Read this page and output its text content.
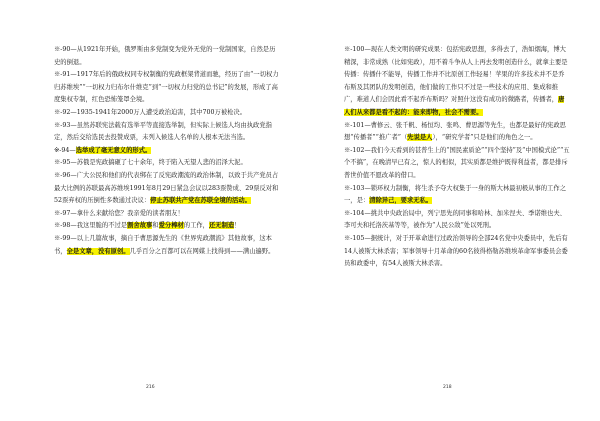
※-90—从1921年开始，俄罗斯由多党制变为党外无党的一党制国家，自然是历史的倒退。

※-91—1917年后的俄政权同专权制衡的宪政框架背道而驰，经历了由“一切权力归苏维埃”“一切权力归布尔什维克”到“一切权力归党的总书记”的发展，形成了高度集权专制，红色恐怖笼罩全境。

※-92—1935-1941年2000万人遭受政治迫害，其中700万被枪决。

※-93—虽然苏联宪法载有选举平等直接选举制，但实际上候选人均由执政党指定，然后交给选民去投赞成票，未列入候选人名单的人根本无法当选。

※-94—选举成了毫无意义的形式。

※-95—苏俄是宪政搞砸了七十余年，终于陷入无望人悲的沼泽大泥。

※-96—广大公民和他们的代表绑在了反宪政潮流的政治体制，以致于共产党员占最大比例的苏联最高苏维埃1991年8月29日紧急会议以283票赞成、29票反对和52票弃权的压倒性多数通过决议：停止苏联共产党在苏联全境的活动。

※-97—拿什么来献给您？我亲爱的读者朋友！

※-98—我这里脆的不过是割舍故事和爱分棒材的工作，还无制造！

※-99—以上几篇故事，摘自于曹思源先生的《世界宪政潮流》其他故事，这本书，全是文章，没有原创。几乎百分之百都可以在网媒上找得到——满山遍野。

※-100—现在人类文明的研究成果：包括宪政思想，多得去了，浩如烟海，博大精深，非常成熟（比如宪政），用不着斗争从人上再去发明创造什么，就拿主要是传播：传播什不能导，传播工作并不比原创工作轻易！苹果的许多技术并不是乔布斯及其团队的发明创造，他们做的工作只不过是一些技术的应用、集成和推广，难道人们会因此看不起乔布斯吗？对照什这没有成功的微路者，传播者，唐人们从来都是看不起的：能来即物，社会不需要。

※-101—曹修云、张千帆、杨恒均、张鸣、曹思源等先生，也都是最好的宪政思想“传播者”“推广者”（先说是人），“研究学者”只是他们的角色之一。

※-102—我们今天看到的甚普生上的“国民素质论”“四个坚持”及“中国模式论”“五个不搞”，在晚清早已有之，惊人的相似，其实质都是维护既得利益者，都是排斥普世价值不愿改革的借口。

※-103—锁环权力制衡，将生杀予夺大权集于一身的斯大林最初极从事的工作之一，是：清除异己，要求无私。

※-104—挑共中央政治局中，列宁思先的同事和哈林、加米涅夫、季诺维也夫、李可夫和托洛茨基等等，被作为“人民公敌”处以死刑。

※-105—据统计，对于开革命进行过政治领导的全部24名党中央委员中，先后有14人被斯大林杀害；军事领导十月革命的60名彼得格勒苏维埃革命军事委员会委员和政委中，有54人被斯大林杀害。

216	218
